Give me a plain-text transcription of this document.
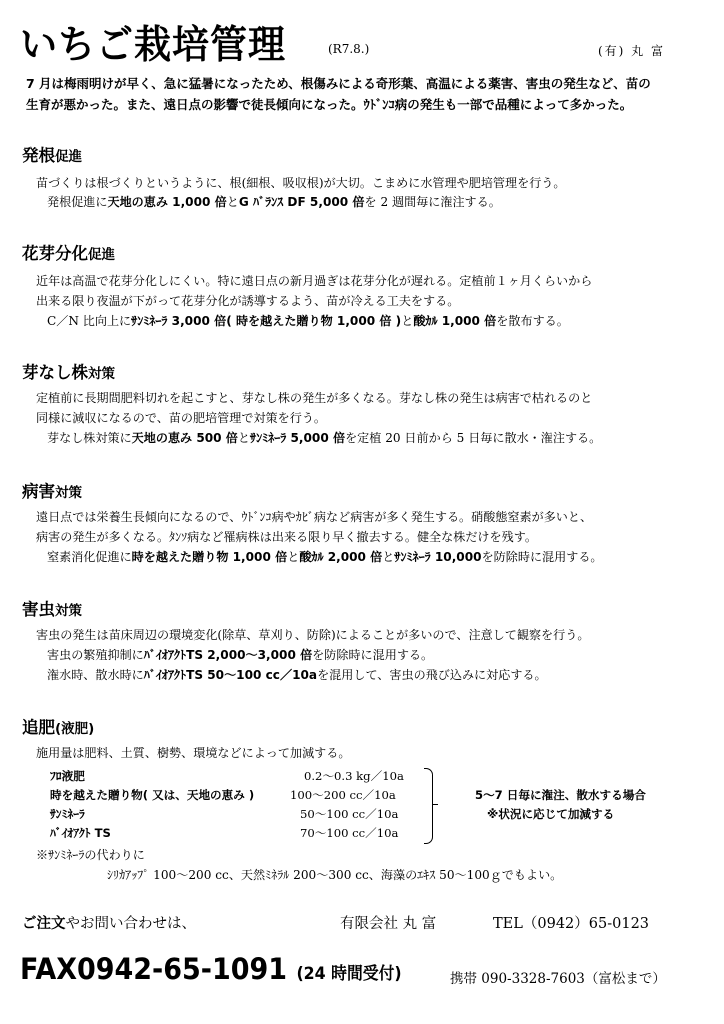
いちご栽培管理	(R7.8.)	(有) 丸 富
7 月は梅雨明けが早く、急に猛暑になったため、根傷みによる奇形葉、高温による薬害、害虫の発生など、苗の
生育が悪かった。また、遠日点の影響で徒長傾向になった。ｳﾄﾞﾝｺ病の発生も一部で品種によって多かった。
発根促進
苗づくりは根づくりというように、根(細根、吸収根)が大切。こまめに水管理や肥培管理を行う。
発根促進に天地の恵み 1,000 倍とG ﾊﾞﾗﾝｽ DF 5,000 倍を 2 週間毎に潅注する。
花芽分化促進
近年は高温で花芽分化しにくい。特に遠日点の新月過ぎは花芽分化が遅れる。定植前１ヶ月くらいから
出来る限り夜温が下がって花芽分化が誘導するよう、苗が冷える工夫をする。
C／N 比向上にｻﾝﾐﾈｰﾗ 3,000 倍( 時を越えた贈り物 1,000 倍 )と酸ｶﾙ 1,000 倍を散布する。
芽なし株対策
定植前に長期間肥料切れを起こすと、芽なし株の発生が多くなる。芽なし株の発生は病害で枯れるのと
同様に減収になるので、苗の肥培管理で対策を行う。
芽なし株対策に天地の恵み 500 倍とｻﾝﾐﾈｰﾗ 5,000 倍を定植 20 日前から 5 日毎に散水・潅注する。
病害対策
遠日点では栄養生長傾向になるので、ｳﾄﾞﾝｺ病やｶﾋﾞ病など病害が多く発生する。硝酸態窒素が多いと、
病害の発生が多くなる。ﾀﾝｿ病など罹病株は出来る限り早く撤去する。健全な株だけを残す。
窒素消化促進に時を越えた贈り物 1,000 倍と酸ｶﾙ 2,000 倍とｻﾝﾐﾈｰﾗ 10,000を防除時に混用する。
害虫対策
害虫の発生は苗床周辺の環境変化(除草、草刈り、防除)によることが多いので、注意して観察を行う。
害虫の繁殖抑制にﾊﾞｲｵｱｸﾄTS 2,000～3,000 倍を防除時に混用する。
潅水時、散水時にﾊﾞｲｵｱｸﾄTS 50～100 cc／10aを混用して、害虫の飛び込みに対応する。
追肥(液肥)
施用量は肥料、土質、樹勢、環境などによって加減する。
ﾌﾛ液肥	0.2～0.3 kg／10a
時を越えた贈り物( 又は、天地の恵み )	100～200 cc／10a
ｻﾝﾐﾈｰﾗ	50～100 cc／10a
ﾊﾞｲｵｱｸﾄ TS	70～100 cc／10a
5～7 日毎に潅注、散水する場合
※状況に応じて加減する
※ｻﾝﾐﾈｰﾗの代わりに
ｼﾘｶｱｯﾌﾟ 100～200 cc、天然ﾐﾈﾗﾙ 200～300 cc、海藻のｴｷｽ 50～100ｇでもよい。
ご注文やお問い合わせは、	有限会社 丸 富	TEL（0942）65-0123
FAX0942-65-1091 (24 時間受付)	携帯 090-3328-7603（富松まで）
